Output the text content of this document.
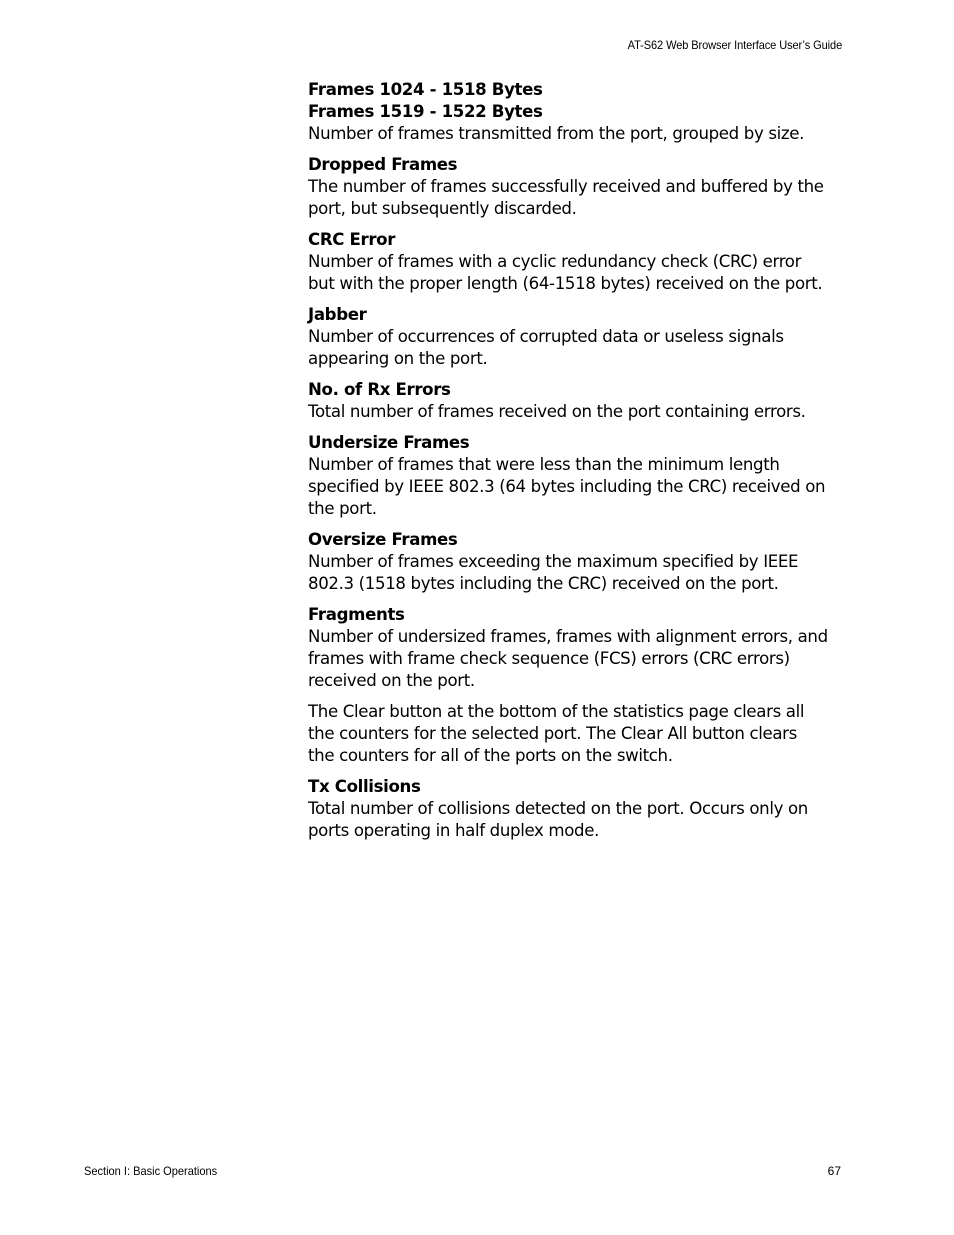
AT-S62 Web Browser Interface User’s Guide
Frames 1024 - 1518 Bytes
Frames 1519 - 1522 Bytes
Number of frames transmitted from the port, grouped by size.
Dropped Frames
The number of frames successfully received and buffered by the port, but subsequently discarded.
CRC Error
Number of frames with a cyclic redundancy check (CRC) error but with the proper length (64-1518 bytes) received on the port.
Jabber
Number of occurrences of corrupted data or useless signals appearing on the port.
No. of Rx Errors
Total number of frames received on the port containing errors.
Undersize Frames
Number of frames that were less than the minimum length specified by IEEE 802.3 (64 bytes including the CRC) received on the port.
Oversize Frames
Number of frames exceeding the maximum specified by IEEE 802.3 (1518 bytes including the CRC) received on the port.
Fragments
Number of undersized frames, frames with alignment errors, and frames with frame check sequence (FCS) errors (CRC errors) received on the port.
The Clear button at the bottom of the statistics page clears all the counters for the selected port. The Clear All button clears the counters for all of the ports on the switch.
Tx Collisions
Total number of collisions detected on the port. Occurs only on ports operating in half duplex mode.
Section I: Basic Operations	67
